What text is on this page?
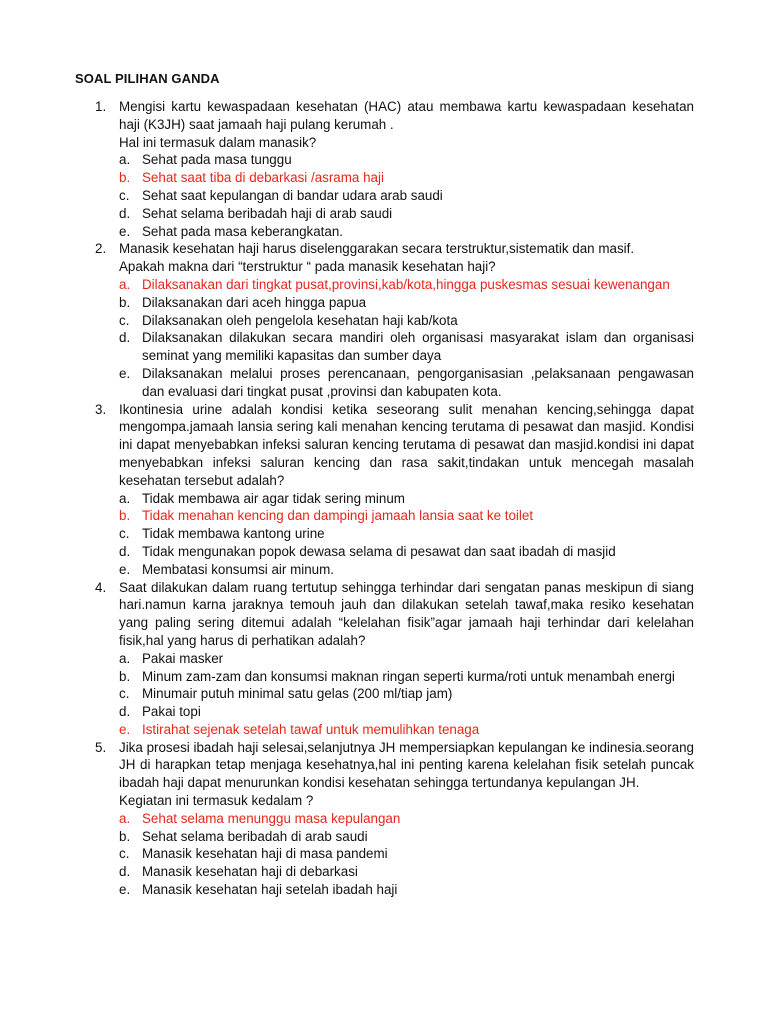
SOAL PILIHAN GANDA
1. Mengisi kartu kewaspadaan kesehatan (HAC) atau membawa kartu kewaspadaan kesehatan haji (K3JH) saat jamaah haji pulang kerumah .

Hal ini termasuk dalam manasik?

a. Sehat pada masa tunggu
b. Sehat saat tiba di debarkasi /asrama haji
c. Sehat saat kepulangan di bandar udara arab saudi
d. Sehat selama beribadah haji di arab saudi
e. Sehat pada masa keberangkatan.
2. Manasik kesehatan haji harus diselenggarakan secara terstruktur,sistematik dan masif.

Apakah makna dari “terstruktur “ pada manasik kesehatan haji?

a. Dilaksanakan dari tingkat pusat,provinsi,kab/kota,hingga puskesmas sesuai kewenangan
b. Dilaksanakan dari aceh hingga papua
c. Dilaksanakan oleh pengelola kesehatan haji kab/kota
d. Dilaksanakan dilakukan secara mandiri oleh organisasi masyarakat islam dan organisasi seminat yang memiliki kapasitas dan sumber daya
e. Dilaksanakan melalui proses perencanaan, pengorganisasian ,pelaksanaan pengawasan dan evaluasi dari tingkat pusat ,provinsi dan kabupaten kota.
3. Ikontinesia urine adalah kondisi ketika seseorang sulit menahan kencing,sehingga dapat mengompa.jamaah lansia sering kali menahan kencing terutama di pesawat dan masjid. Kondisi ini dapat menyebabkan infeksi saluran kencing terutama di pesawat dan masjid.kondisi ini dapat menyebabkan infeksi saluran kencing dan rasa sakit,tindakan untuk mencegah masalah kesehatan tersebut adalah?

a. Tidak membawa air agar tidak sering minum
b. Tidak menahan kencing dan dampingi jamaah lansia saat ke toilet
c. Tidak membawa kantong urine
d. Tidak mengunakan popok dewasa selama di pesawat dan saat ibadah di masjid
e. Membatasi konsumsi air minum.
4. Saat dilakukan dalam ruang tertutup sehingga terhindar dari sengatan panas meskipun di siang hari.namun karna jaraknya temouh jauh dan dilakukan setelah tawaf,maka resiko kesehatan yang paling sering ditemui adalah “kelelahan fisik”agar jamaah haji terhindar dari kelelahan fisik,hal yang harus di perhatikan adalah?

a. Pakai masker
b. Minum zam-zam dan konsumsi maknan ringan seperti kurma/roti untuk menambah energi
c. Minumair putuh minimal satu gelas (200 ml/tiap jam)
d. Pakai topi
e. Istirahat sejenak setelah tawaf untuk memulihkan tenaga
5. Jika prosesi ibadah haji selesai,selanjutnya JH mempersiapkan kepulangan ke indinesia.seorang JH di harapkan tetap menjaga kesehatnya,hal ini penting karena kelelahan fisik setelah puncak ibadah haji dapat menurunkan kondisi kesehatan sehingga tertundanya kepulangan JH.

Kegiatan ini termasuk kedalam ?

a. Sehat selama menunggu masa kepulangan
b. Sehat selama beribadah di arab saudi
c. Manasik kesehatan haji di masa pandemi
d. Manasik kesehatan haji di debarkasi
e. Manasik kesehatan haji setelah ibadah haji
